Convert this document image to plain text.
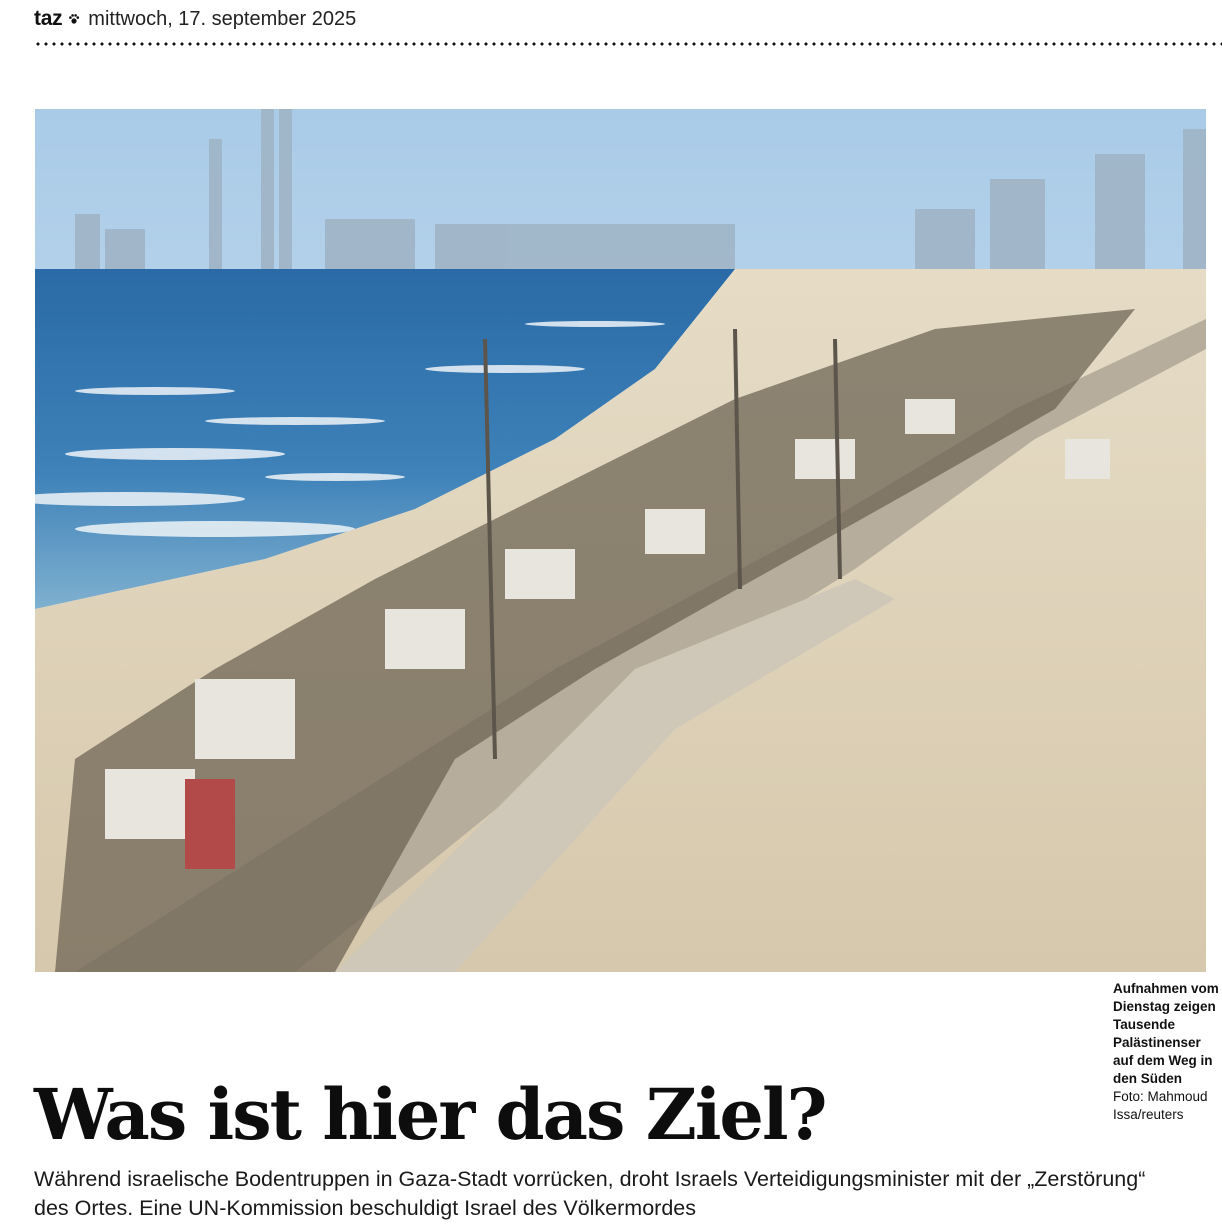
taz mittwoch, 17. september 2025
Aufnahmen vom Dienstag zeigen Tausende Palästinenser auf dem Weg in den Süden
Foto: Mahmoud Issa/reuters
Was ist hier das Ziel?

Während israelische Bodentruppen in Gaza-Stadt vorrücken, droht Israels Verteidigungsminister mit der „Zerstörung“ des Ortes. Eine UN-Kommission beschuldigt Israel des Völkermordes
